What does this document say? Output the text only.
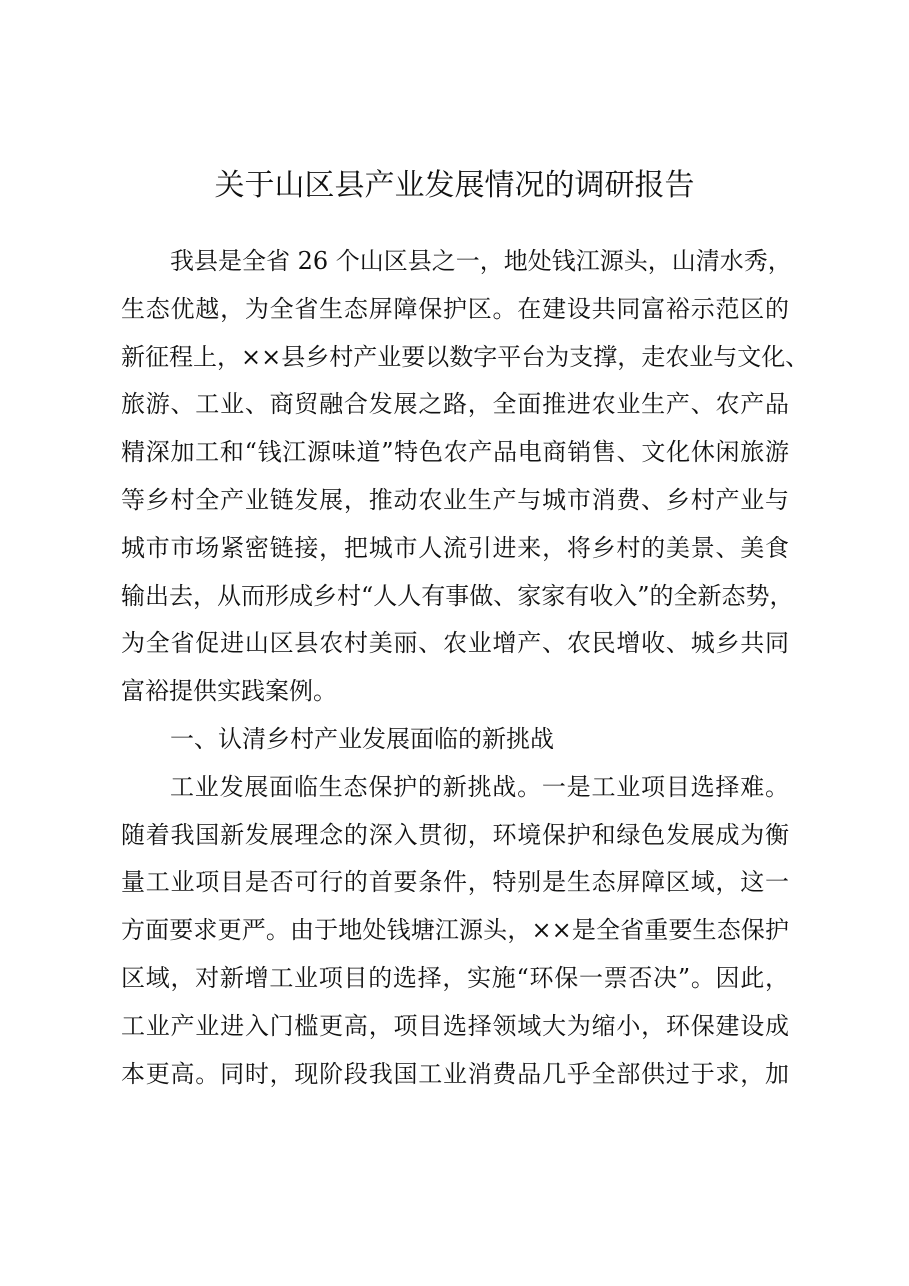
关于山区县产业发展情况的调研报告
我县是全省 26 个山区县之一，地处钱江源头，山清水秀，
生态优越，为全省生态屏障保护区。在建设共同富裕示范区的
新征程上，××县乡村产业要以数字平台为支撑，走农业与文化、
旅游、工业、商贸融合发展之路，全面推进农业生产、农产品
精深加工和“钱江源味道”特色农产品电商销售、文化休闲旅游
等乡村全产业链发展，推动农业生产与城市消费、乡村产业与
城市市场紧密链接，把城市人流引进来，将乡村的美景、美食
输出去，从而形成乡村“人人有事做、家家有收入”的全新态势，
为全省促进山区县农村美丽、农业增产、农民增收、城乡共同
富裕提供实践案例。
一、认清乡村产业发展面临的新挑战
工业发展面临生态保护的新挑战。一是工业项目选择难。
随着我国新发展理念的深入贯彻，环境保护和绿色发展成为衡
量工业项目是否可行的首要条件，特别是生态屏障区域，这一
方面要求更严。由于地处钱塘江源头，××是全省重要生态保护
区域，对新增工业项目的选择，实施“环保一票否决”。因此，
工业产业进入门槛更高，项目选择领域大为缩小，环保建设成
本更高。同时，现阶段我国工业消费品几乎全部供过于求，加
